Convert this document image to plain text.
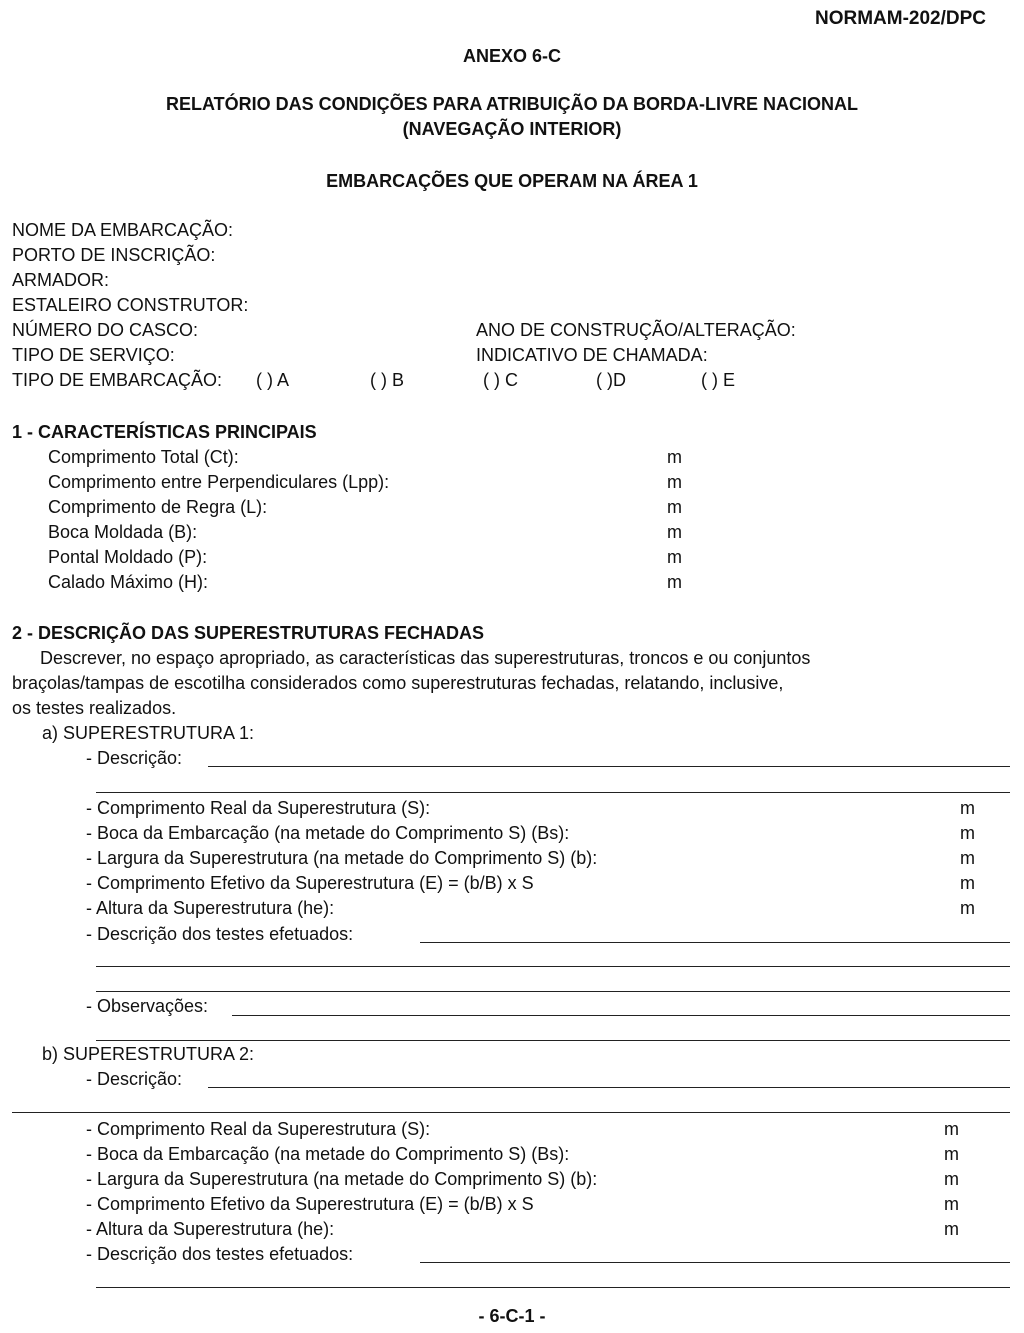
NORMAM-202/DPC
ANEXO 6-C
RELATÓRIO DAS CONDIÇÕES PARA ATRIBUIÇÃO DA BORDA-LIVRE NACIONAL
(NAVEGAÇÃO INTERIOR)
EMBARCAÇÕES QUE OPERAM NA ÁREA 1
NOME DA EMBARCAÇÃO:
PORTO DE INSCRIÇÃO:
ARMADOR:
ESTALEIRO CONSTRUTOR:
NÚMERO DO CASCO:	ANO DE CONSTRUÇÃO/ALTERAÇÃO:
TIPO DE SERVIÇO:	INDICATIVO DE CHAMADA:
TIPO DE EMBARCAÇÃO: ( ) A	( ) B	( ) C	( )D	( ) E
1 - CARACTERÍSTICAS PRINCIPAIS
Comprimento Total (Ct):	m
Comprimento entre Perpendiculares (Lpp):	m
Comprimento de Regra (L):	m
Boca Moldada (B):	m
Pontal Moldado (P):	m
Calado Máximo (H):	m
2 - DESCRIÇÃO DAS SUPERESTRUTURAS FECHADAS
Descrever, no espaço apropriado, as características das superestruturas, troncos e ou conjuntos
braçolas/tampas de escotilha considerados como superestruturas fechadas, relatando, inclusive,
os testes realizados.
a) SUPERESTRUTURA 1:
- Descrição:
- Comprimento Real da Superestrutura (S):	m
- Boca da Embarcação (na metade do Comprimento S) (Bs):	m
- Largura da Superestrutura (na metade do Comprimento S) (b):	m
- Comprimento Efetivo da Superestrutura (E) = (b/B) x S	m
- Altura da Superestrutura (he):	m
- Descrição dos testes efetuados:
- Observações:
b) SUPERESTRUTURA 2:
- Descrição:
- Comprimento Real da Superestrutura (S):	m
- Boca da Embarcação (na metade do Comprimento S) (Bs):	m
- Largura da Superestrutura (na metade do Comprimento S) (b):	m
- Comprimento Efetivo da Superestrutura (E) = (b/B) x S	m
- Altura da Superestrutura (he):	m
- Descrição dos testes efetuados:
- 6-C-1 -
